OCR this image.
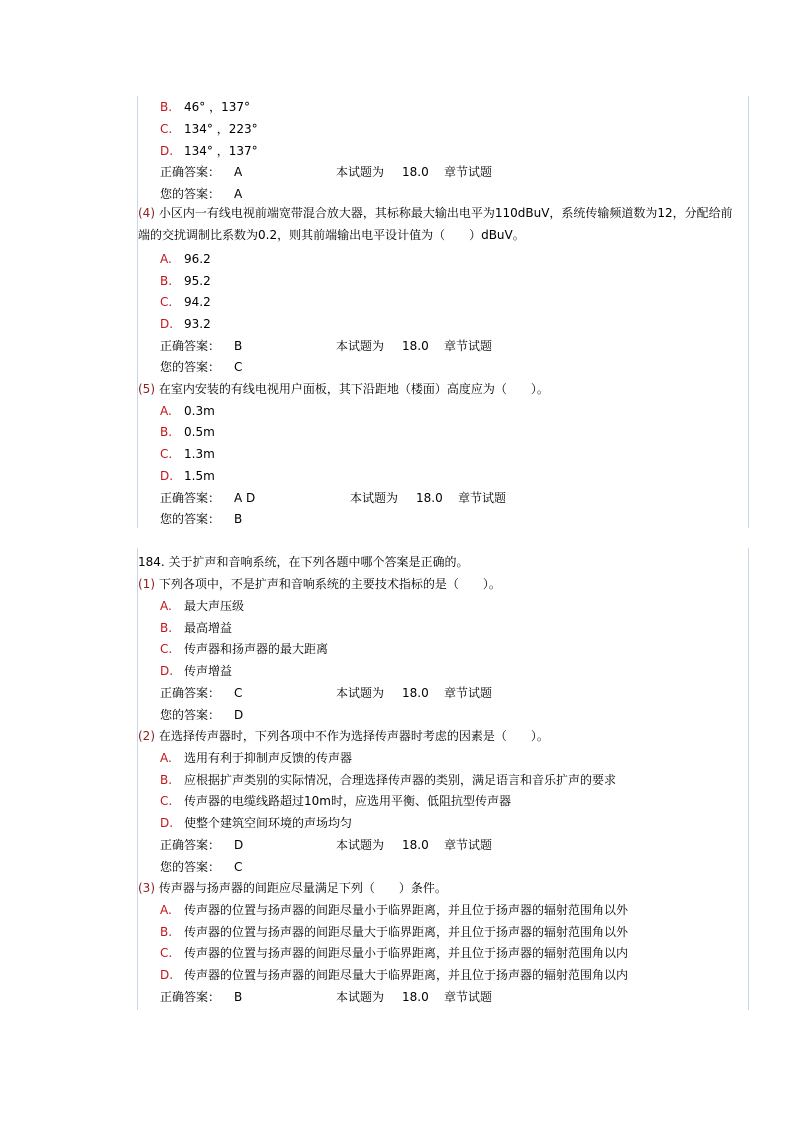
B. 46° ，137°
C. 134° ，223°
D. 134° ，137°
正确答案： A	本试题为 18.0 章节试题
您的答案： A
(4) 小区内一有线电视前端宽带混合放大器，其标称最大输出电平为110dBuV，系统传输频道数为12，分配给前端的交扰调制比系数为0.2，则其前端输出电平设计值为（　　）dBuV。
A. 96.2
B. 95.2
C. 94.2
D. 93.2
正确答案： B	本试题为 18.0 章节试题
您的答案： C
(5) 在室内安装的有线电视用户面板，其下沿距地（楼面）高度应为（　　）。
A. 0.3m
B. 0.5m
C. 1.3m
D. 1.5m
正确答案： A D	本试题为 18.0 章节试题
您的答案： B
184. 关于扩声和音响系统，在下列各题中哪个答案是正确的。
(1) 下列各项中，不是扩声和音响系统的主要技术指标的是（　　）。
A. 最大声压级
B. 最高增益
C. 传声器和扬声器的最大距离
D. 传声增益
正确答案： C	本试题为 18.0 章节试题
您的答案： D
(2) 在选择传声器时，下列各项中不作为选择传声器时考虑的因素是（　　）。
A. 选用有利于抑制声反馈的传声器
B. 应根据扩声类别的实际情况，合理选择传声器的类别，满足语言和音乐扩声的要求
C. 传声器的电缆线路超过10m时，应选用平衡、低阻抗型传声器
D. 使整个建筑空间环境的声场均匀
正确答案： D	本试题为 18.0 章节试题
您的答案： C
(3) 传声器与扬声器的间距应尽量满足下列（　　）条件。
A. 传声器的位置与扬声器的间距尽量小于临界距离，并且位于扬声器的辐射范围角以外
B. 传声器的位置与扬声器的间距尽量大于临界距离，并且位于扬声器的辐射范围角以外
C. 传声器的位置与扬声器的间距尽量小于临界距离，并且位于扬声器的辐射范围角以内
D. 传声器的位置与扬声器的间距尽量大于临界距离，并且位于扬声器的辐射范围角以内
正确答案： B	本试题为 18.0 章节试题
